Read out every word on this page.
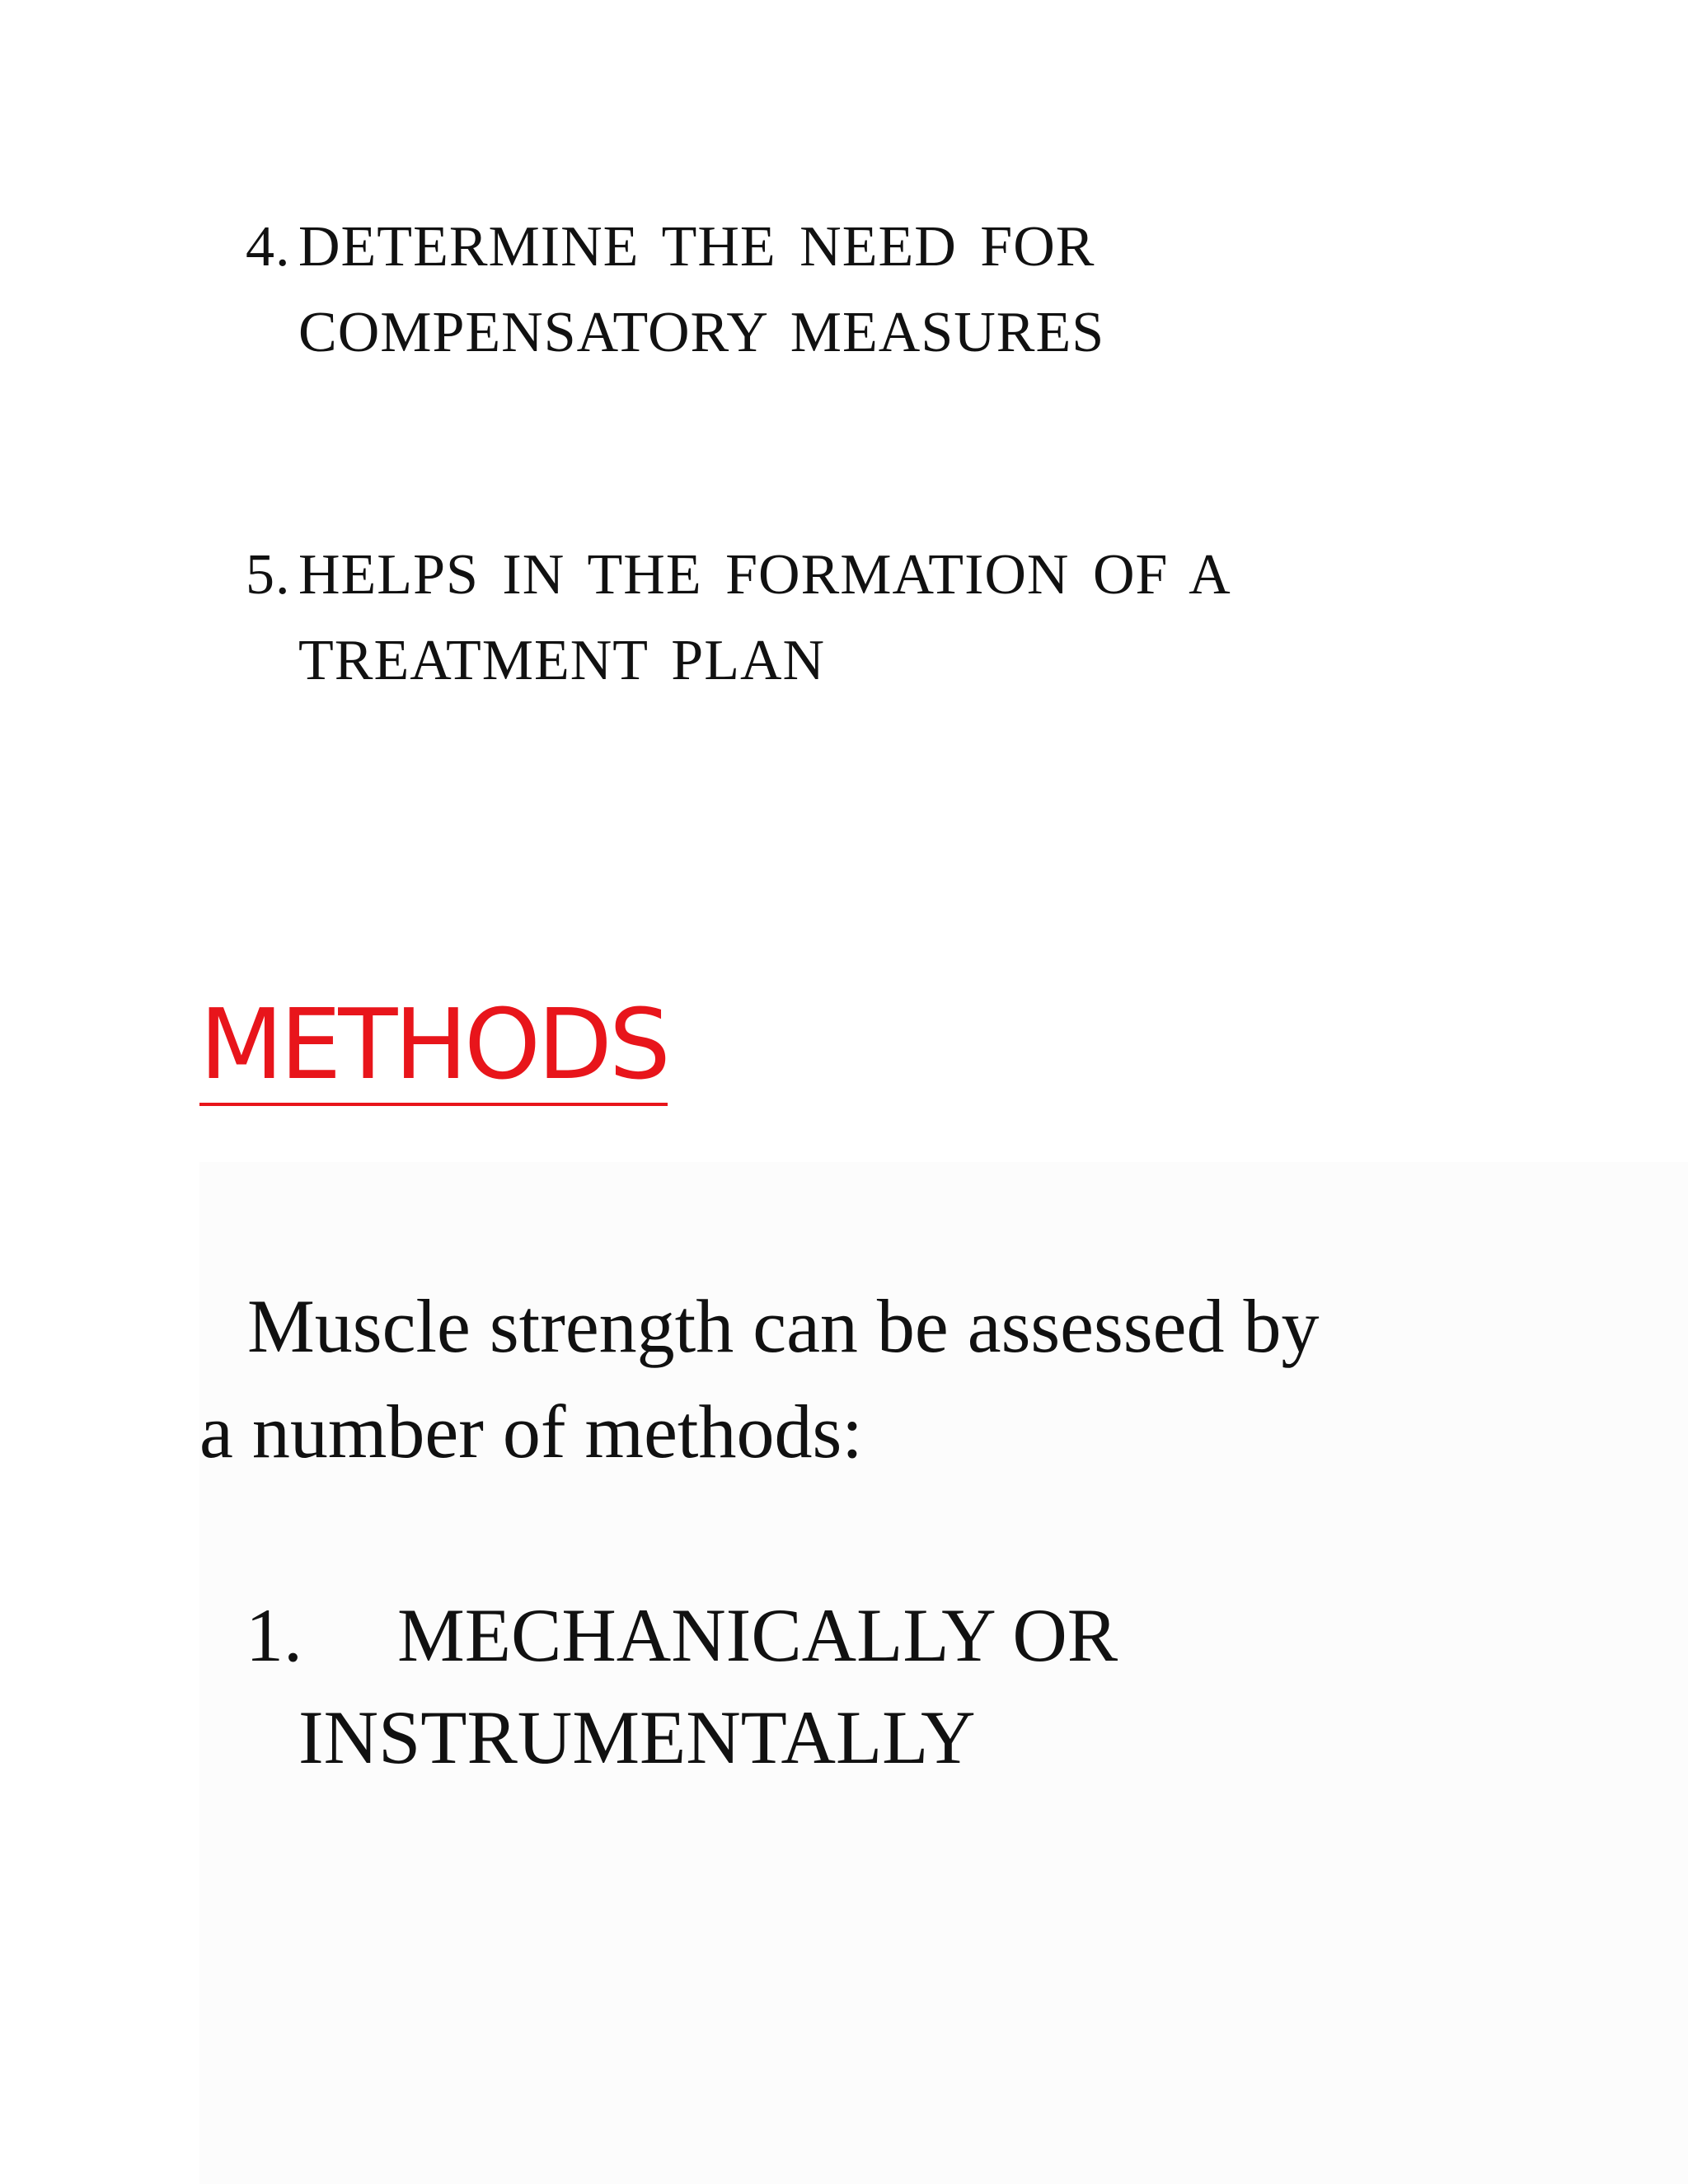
4. DETERMINE THE NEED FOR
COMPENSATORY MEASURES
5. HELPS IN THE FORMATION OF A
TREATMENT PLAN
METHODS
Muscle strength can be assessed by
a number of methods:
1. MECHANICALLY OR
INSTRUMENTALLY
